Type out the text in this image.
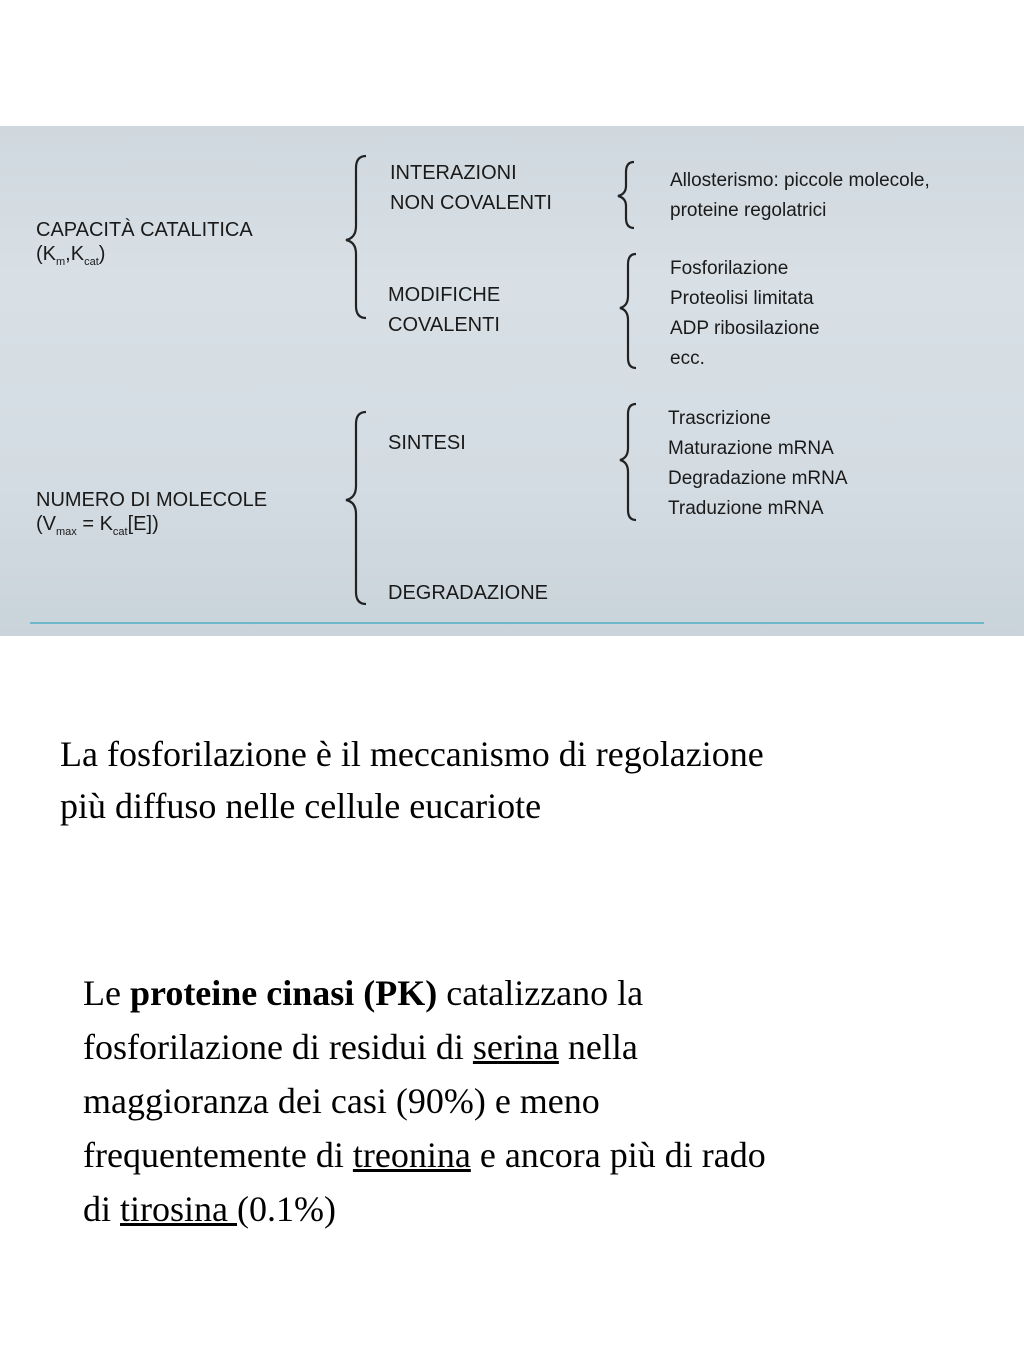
CAPACITÀ CATALITICA
$(K_m,K_{cat})$
NUMERO DI MOLECOLE
$(V_{max} = K_{cat}[E])$
INTERAZIONI
NON COVALENTI
MODIFICHE
COVALENTI
SINTESI
DEGRADAZIONE
Allosterismo: piccole molecole,
proteine regolatrici
Fosforilazione
Proteolisi limitata
ADP ribosilazione
ecc.
Trascrizione
Maturazione mRNA
Degradazione mRNA
Traduzione mRNA
La fosforilazione è il meccanismo di regolazione
più diffuso nelle cellule eucariote
Le proteine cinasi (PK) catalizzano la
fosforilazione di residui di serina nella
maggioranza dei casi (90%) e meno
frequentemente di treonina e ancora più di rado
di tirosina (0.1%)
